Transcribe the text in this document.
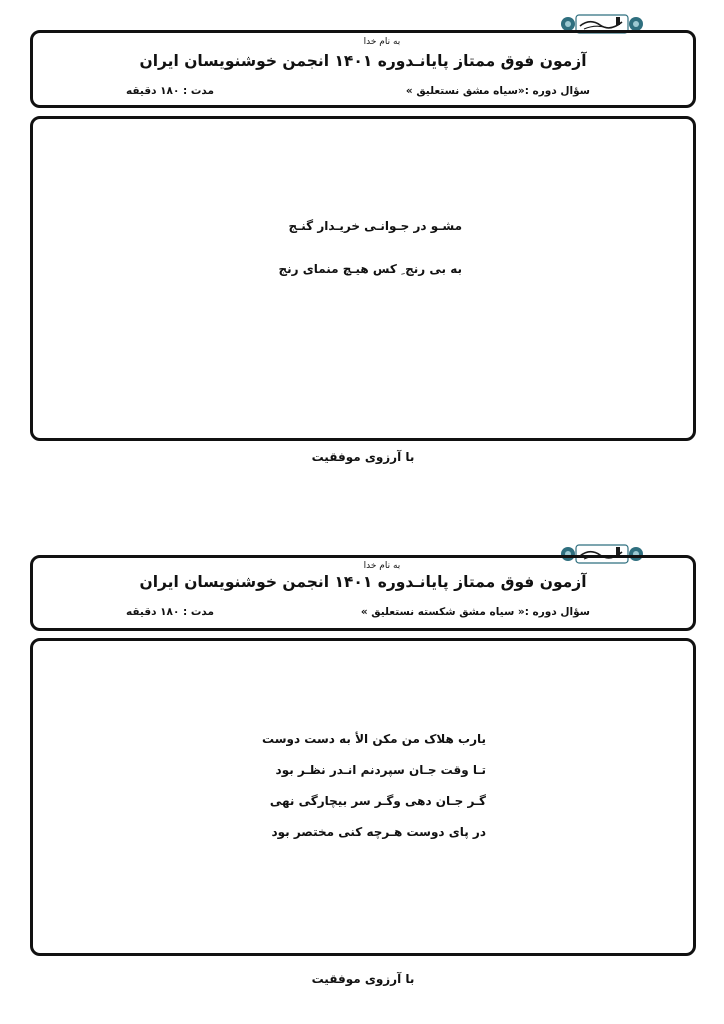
به نام خدا
آزمون فوق ممتاز پایانـدوره ۱۴۰۱ انجمن خوشنویسان ایران
سؤال دوره :«سیاه مشق نستعلیق »
مدت : ۱۸۰ دقیقه
مشـو در جـوانـی خریـدار گنـج
به بی رنج ِ کس هیـچ منمای رنج
با آرزوی موفقیت
به نام خدا
آزمون فوق ممتاز پایانـدوره ۱۴۰۱ انجمن خوشنویسان ایران
سؤال دوره :« سیاه مشق شکسته نستعلیق »
مدت : ۱۸۰ دقیقه
یارب هلاک من مکن الأ به دست دوست
تـا وقت جـان سپردنم انـدر نظـر بود
گـر جـان دهی وگـر سر بیچارگی نهی
در پای دوست هـرچه کنی مختصر بود
با آرزوی موفقیت
